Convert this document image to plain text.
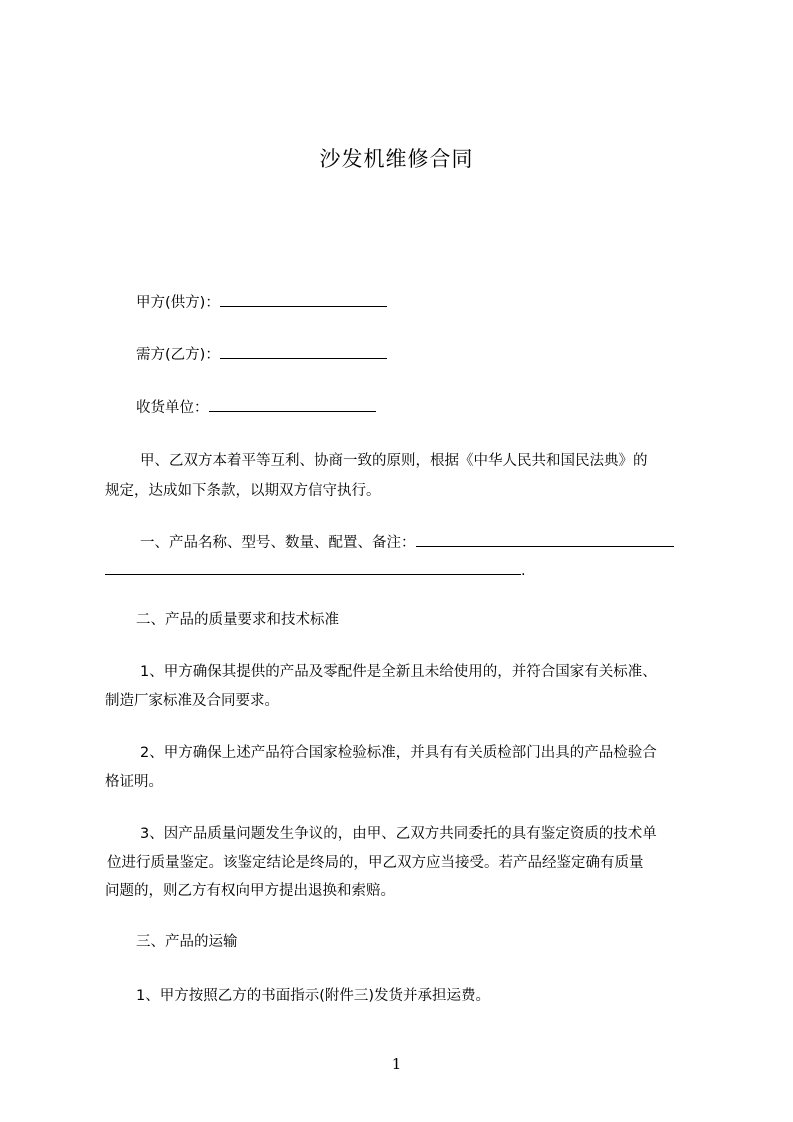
沙发机维修合同
甲方(供方)：
需方(乙方)：
收货单位：
甲、乙双方本着平等互利、协商一致的原则，根据《中华人民共和国民法典》的
规定，达成如下条款，以期双方信守执行。
一、产品名称、型号、数量、配置、备注：
.
二、产品的质量要求和技术标准
1、甲方确保其提供的产品及零配件是全新且未给使用的，并符合国家有关标准、
制造厂家标准及合同要求。
2、甲方确保上述产品符合国家检验标准，并具有有关质检部门出具的产品检验合
格证明。
3、因产品质量问题发生争议的，由甲、乙双方共同委托的具有鉴定资质的技术单
位进行质量鉴定。该鉴定结论是终局的，甲乙双方应当接受。若产品经鉴定确有质量
问题的，则乙方有权向甲方提出退换和索赔。
三、产品的运输
1、甲方按照乙方的书面指示(附件三)发货并承担运费。
1
